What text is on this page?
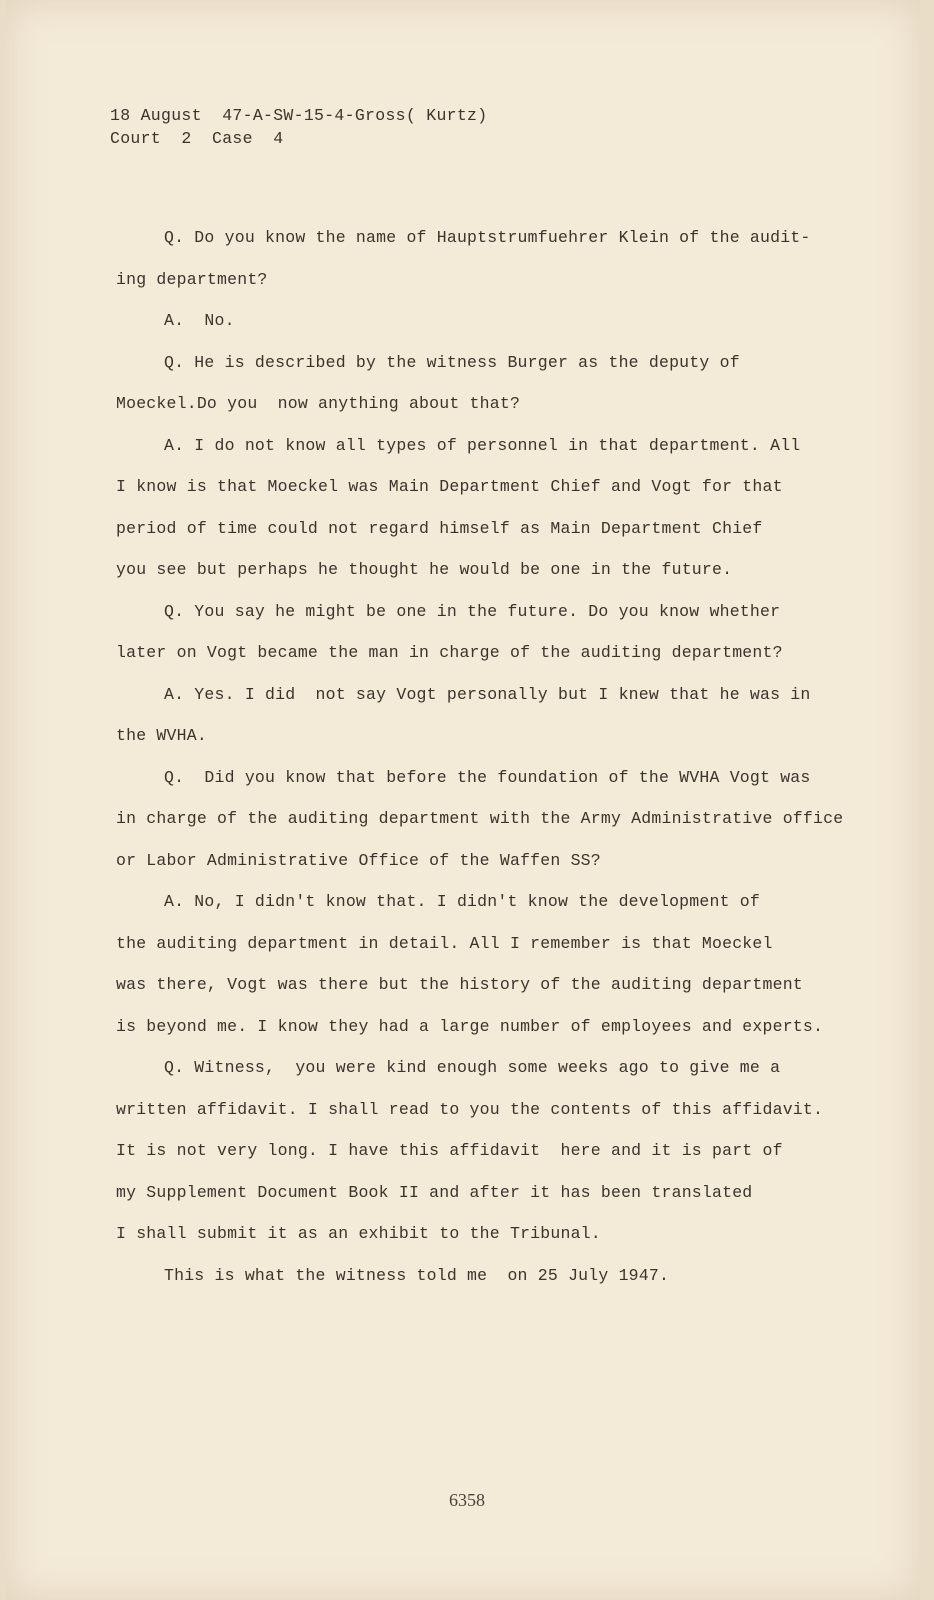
18 August  47-A-SW-15-4-Gross( Kurtz)
Court  2  Case  4
Q. Do you know the name of Hauptstrumfuehrer Klein of the audit-
ing department?
A.  No.
Q. He is described by the witness Burger as the deputy of
Moeckel.Do you  now anything about that?
A. I do not know all types of personnel in that department. All
I know is that Moeckel was Main Department Chief and Vogt for that
period of time could not regard himself as Main Department Chief
you see but perhaps he thought he would be one in the future.
Q. You say he might be one in the future. Do you know whether
later on Vogt became the man in charge of the auditing department?
A. Yes. I did  not say Vogt personally but I knew that he was in
the WVHA.
Q.  Did you know that before the foundation of the WVHA Vogt was
in charge of the auditing department with the Army Administrative office
or Labor Administrative Office of the Waffen SS?
A. No, I didn't know that. I didn't know the development of
the auditing department in detail. All I remember is that Moeckel
was there, Vogt was there but the history of the auditing department
is beyond me. I know they had a large number of employees and experts.
Q. Witness,  you were kind enough some weeks ago to give me a
written affidavit. I shall read to you the contents of this affidavit.
It is not very long. I have this affidavit  here and it is part of
my Supplement Document Book II and after it has been translated
I shall submit it as an exhibit to the Tribunal.
This is what the witness told me  on 25 July 1947.
6358
